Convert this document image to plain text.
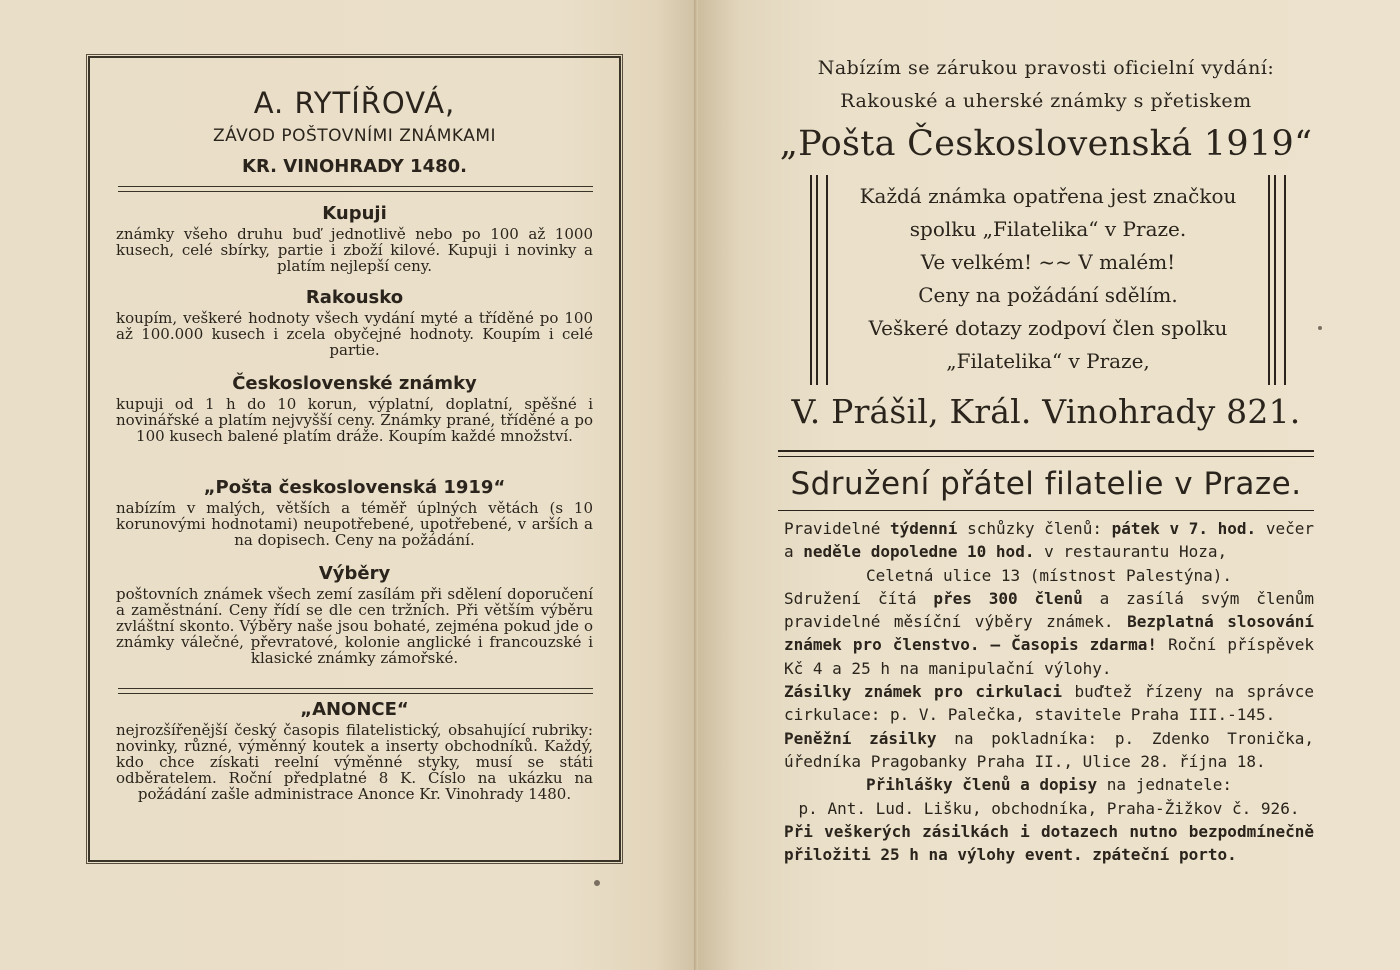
A. RYTÍŘOVÁ,
ZÁVOD POŠTOVNÍMI ZNÁMKAMI
KR. VINOHRADY 1480.
Kupuji
známky všeho druhu buď jednotlivě nebo po 100 až 1000 kusech, celé sbírky, partie i zboží kilové. Kupuji i novinky a platím nejlepší ceny.
Rakousko
koupím, veškeré hodnoty všech vydání myté a tříděné po 100 až 100.000 kusech i zcela obyčejné hodnoty. Koupím i celé partie.
Československé známky
kupuji od 1 h do 10 korun, výplatní, doplatní, spěšné i novinářské a platím nejvyšší ceny. Známky prané, tříděné a po 100 kusech balené platím dráže. Koupím každé množství.
„Pošta československá 1919“
nabízím v malých, větších a téměř úplných větách (s 10 korunovými hodnotami) neupotřebené, upotřebené, v arších a na dopisech. Ceny na požádání.
Výběry
poštovních známek všech zemí zasílám při sdělení doporučení a zaměstnání. Ceny řídí se dle cen tržních. Při větším výběru zvláštní skonto. Výběry naše jsou bohaté, zejména pokud jde o známky válečné, převratové, kolonie anglické i francouzské i klasické známky zámořské.
„ANONCE“
nejrozšířenější český časopis filatelistický, obsahující rubriky: novinky, různé, výměnný koutek a inserty obchodníků. Každý, kdo chce získati reelní výměnné styky, musí se státi odběratelem. Roční předplatné 8 K. Číslo na ukázku na požádání zašle administrace Anonce Kr. Vinohrady 1480.
Nabízím se zárukou pravosti oficielní vydání:
Rakouské a uherské známky s přetiskem
„Pošta Československá 1919“
Každá známka opatřena jest značkou
spolku „Filatelika“ v Praze.
Ve velkém! ~~ V malém!
Ceny na požádání sdělím.
Veškeré dotazy zodpoví člen spolku
„Filatelika“ v Praze,
V. Prášil, Král. Vinohrady 821.
Sdružení přátel filatelie v Praze.

Pravidelné týdenní schůzky členů: pátek v 7. hod. večer a neděle dopoledne 10 hod. v restaurantu Hoza,

Celetná ulice 13 (místnost Palestýna).

Sdružení čítá přes 300 členů a zasílá svým členům pravidelné měsíční výběry známek. Bezplatná slosování známek pro členstvo. — Časopis zdarma! Roční příspěvek Kč 4 a 25 h na manipulační výlohy.

Zásilky známek pro cirkulaci buďtež řízeny na správce cirkulace: p. V. Palečka, stavitele Praha III.-145.

Peněžní zásilky na pokladníka: p. Zdenko Tronička, úředníka Pragobanky Praha II., Ulice 28. října 18.

Přihlášky členů a dopisy na jednatele:

p. Ant. Lud. Lišku, obchodníka, Praha-Žižkov č. 926.

Při veškerých zásilkách i dotazech nutno bezpodmínečně přiložiti 25 h na výlohy event. zpáteční porto.
